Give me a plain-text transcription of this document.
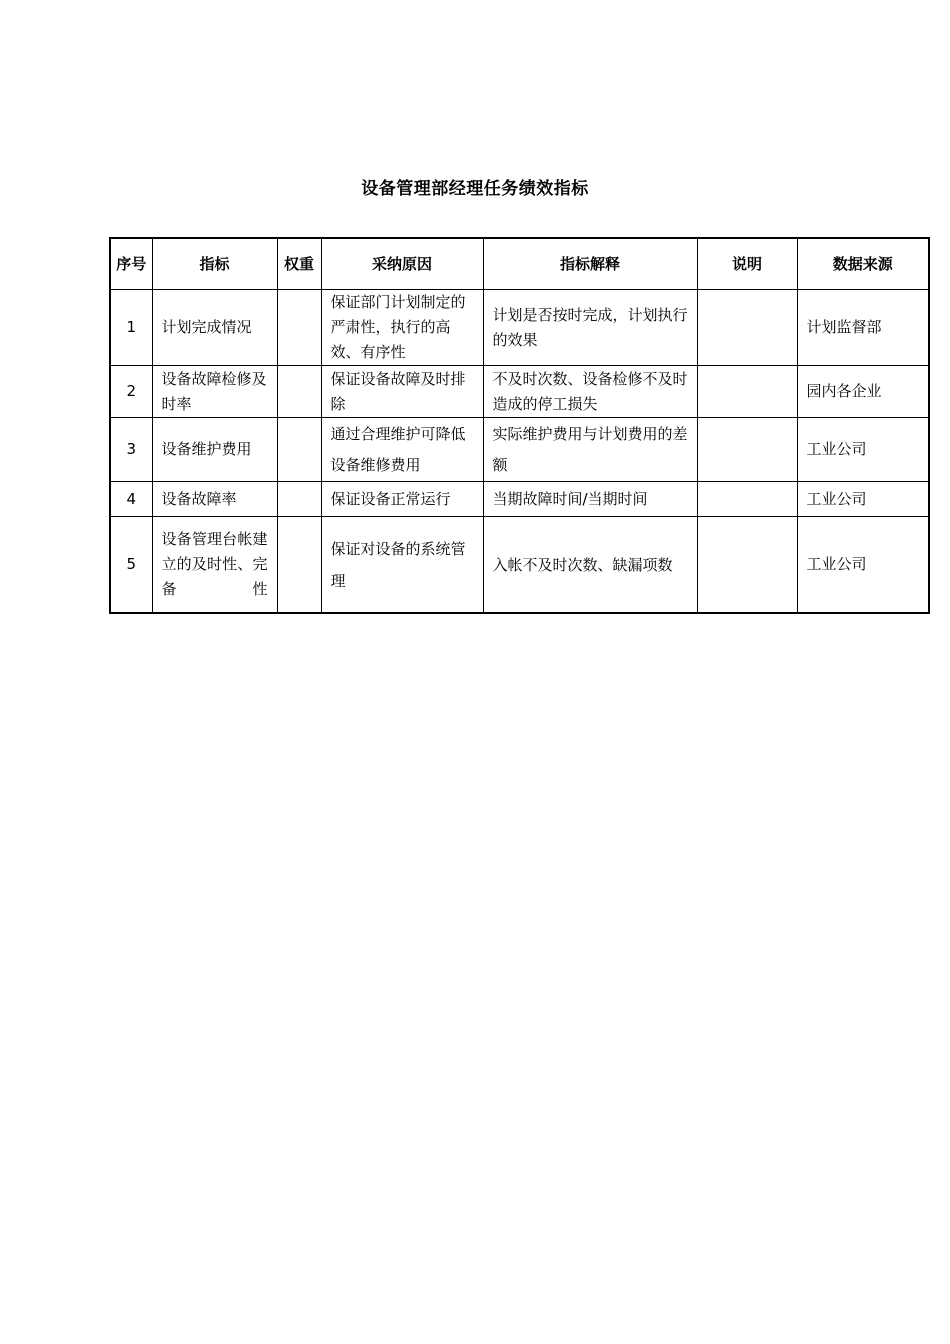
设备管理部经理任务绩效指标
序号	指标	权重	采纳原因	指标解释	说明	数据来源
1	计划完成情况		保证部门计划制定的严肃性，执行的高效、有序性	计划是否按时完成，计划执行的效果		计划监督部
2	设备故障检修及时率		保证设备故障及时排除	不及时次数、设备检修不及时造成的停工损失		园内各企业
3	设备维护费用		通过合理维护可降低设备维修费用	实际维护费用与计划费用的差额		工业公司
4	设备故障率		保证设备正常运行	当期故障时间/当期时间		工业公司
5	设备管理台帐建立的及时性、完备性		保证对设备的系统管理	入帐不及时次数、缺漏项数		工业公司
